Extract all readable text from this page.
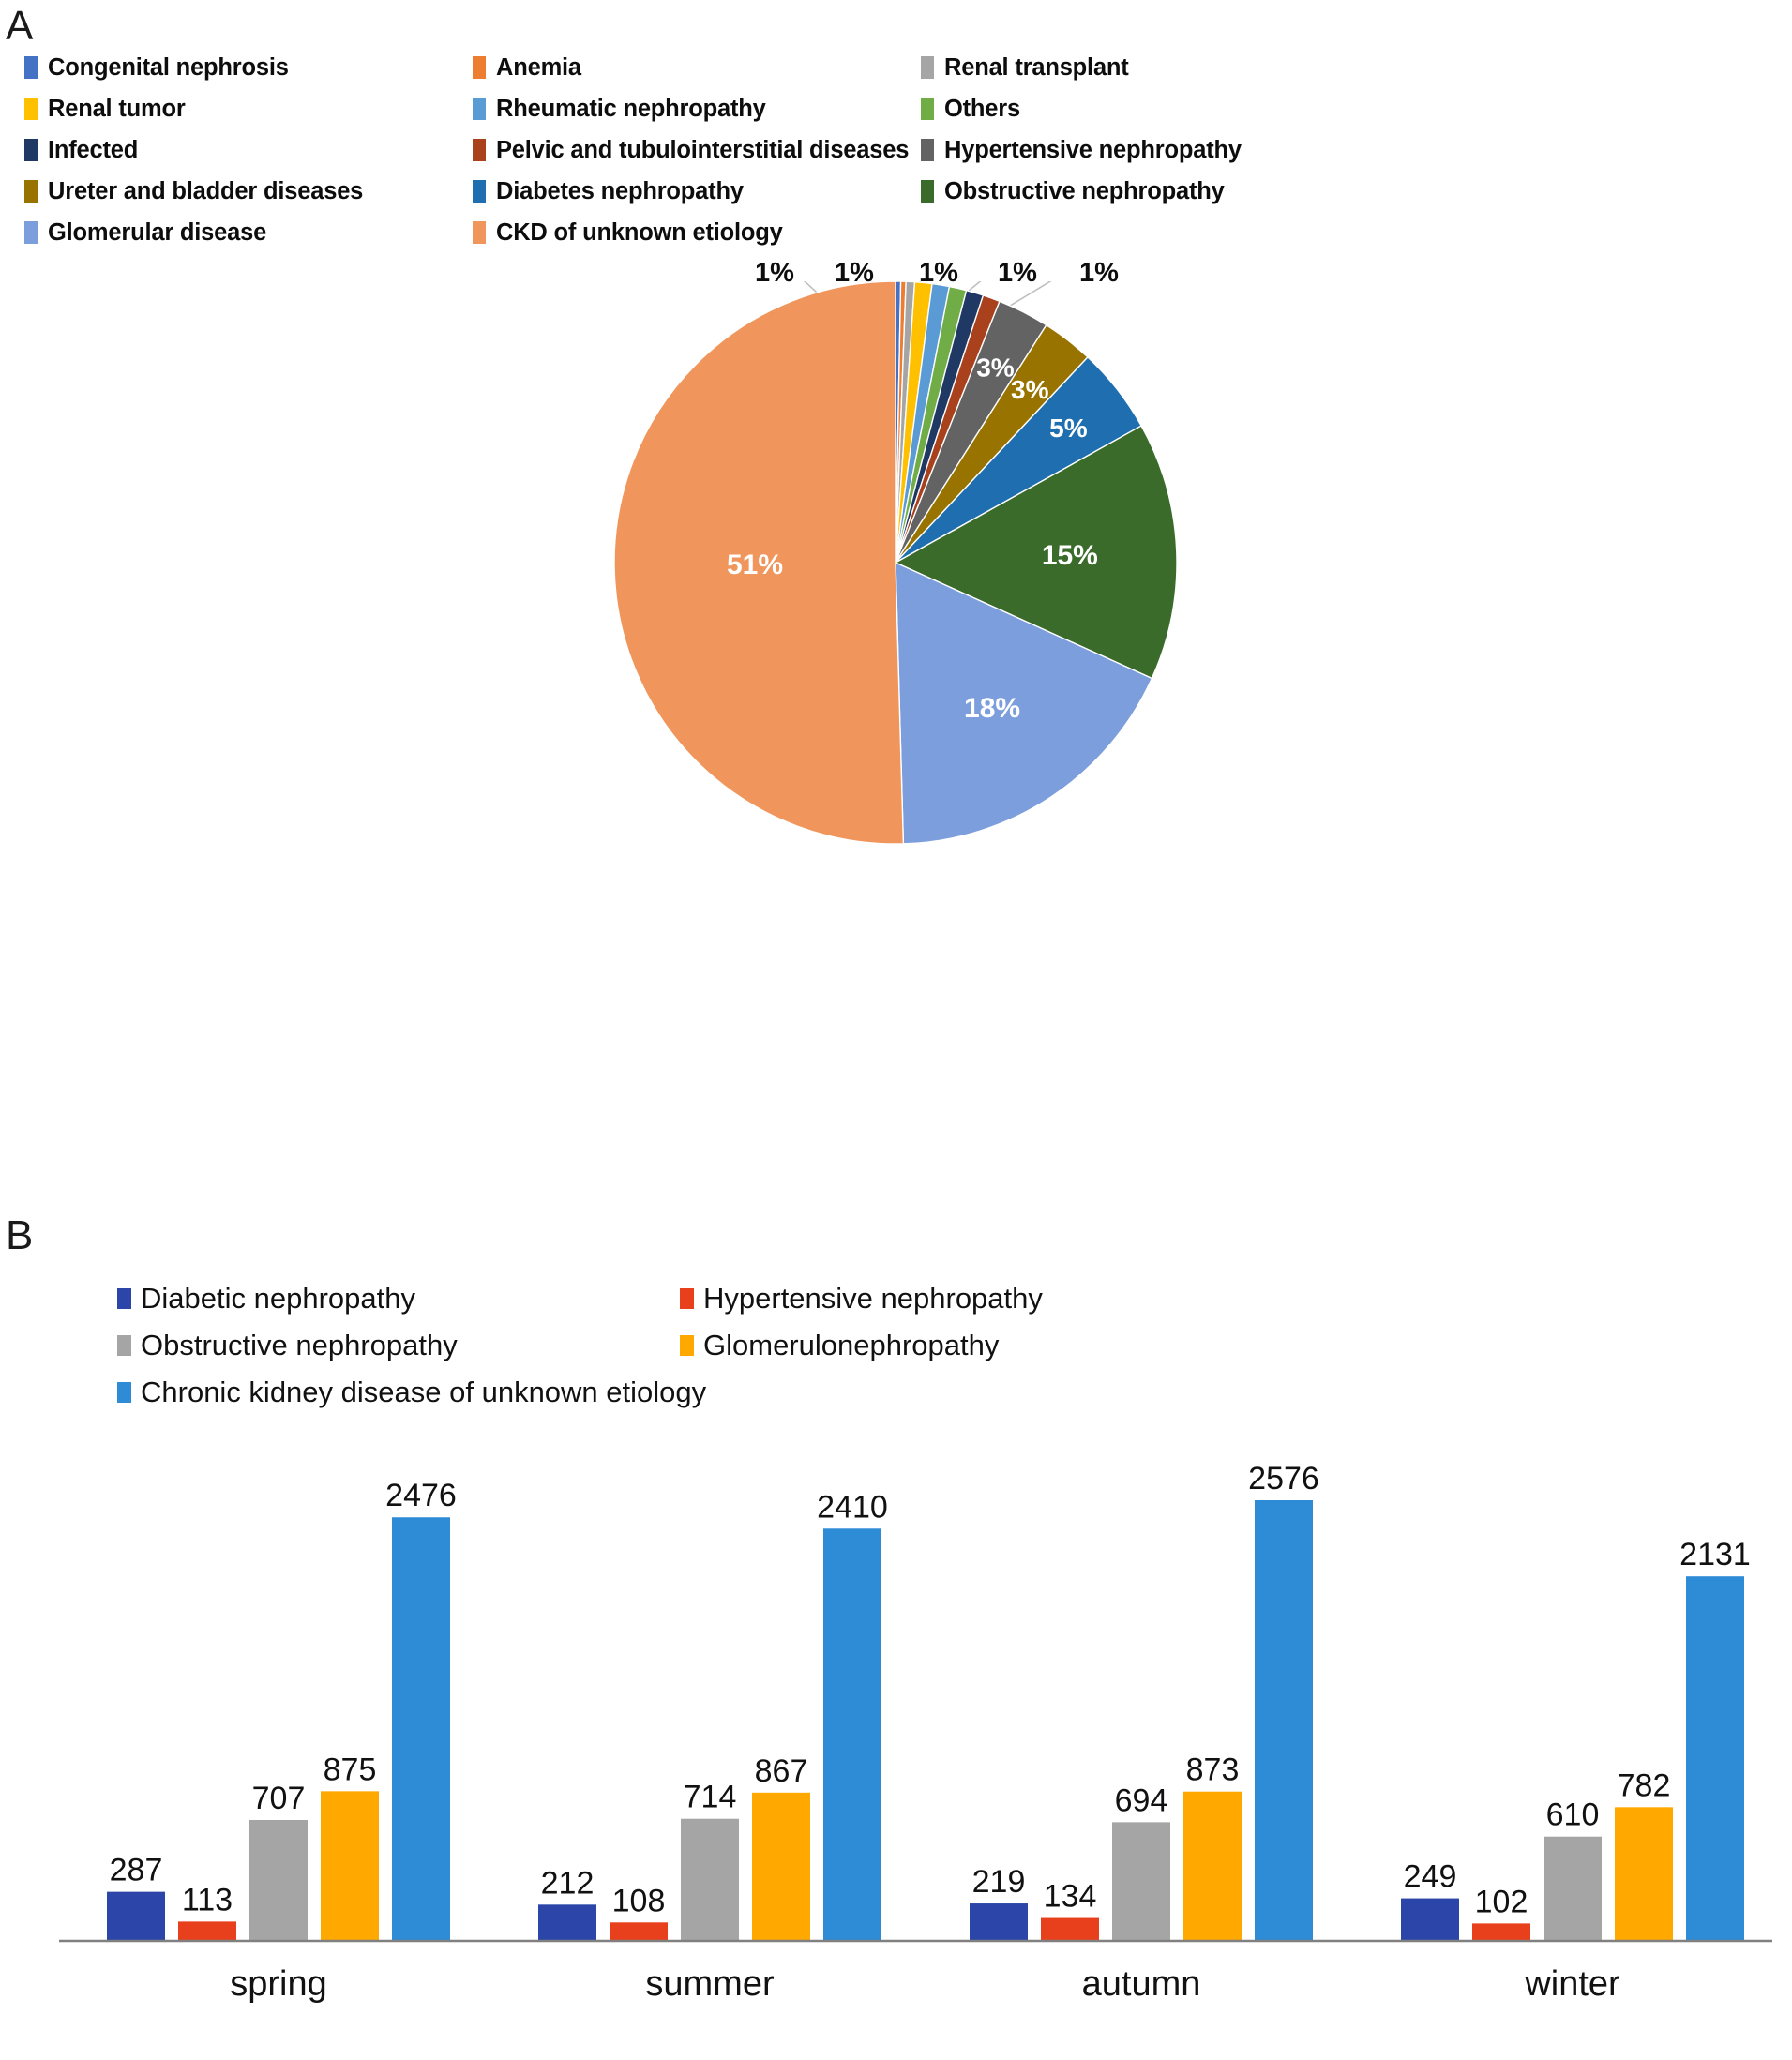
A
Congenital nephrosis	Anemia	Renal transplant
Renal tumor	Rheumatic nephropathy	Others
Infected	Pelvic and tubulointerstitial diseases Hypertensive nephropathy
Ureter and bladder diseases	Diabetes nephropathy	Obstructive nephropathy
Glomerular disease	CKD of unknown etiology
3%
3%
5%
15%
18%
51%
1% 1% 1% 1% 1%
B
Diabetic nephropathy	Hypertensive nephropathy
Obstructive nephropathy	Glomerulonephropathy
Chronic kidney disease of unknown etiology
287
113
707
875
2476
212 108
714
867
2410
219 134
694
873
2576
249
102
610
782
2131
spring	summer	autumn	winter
